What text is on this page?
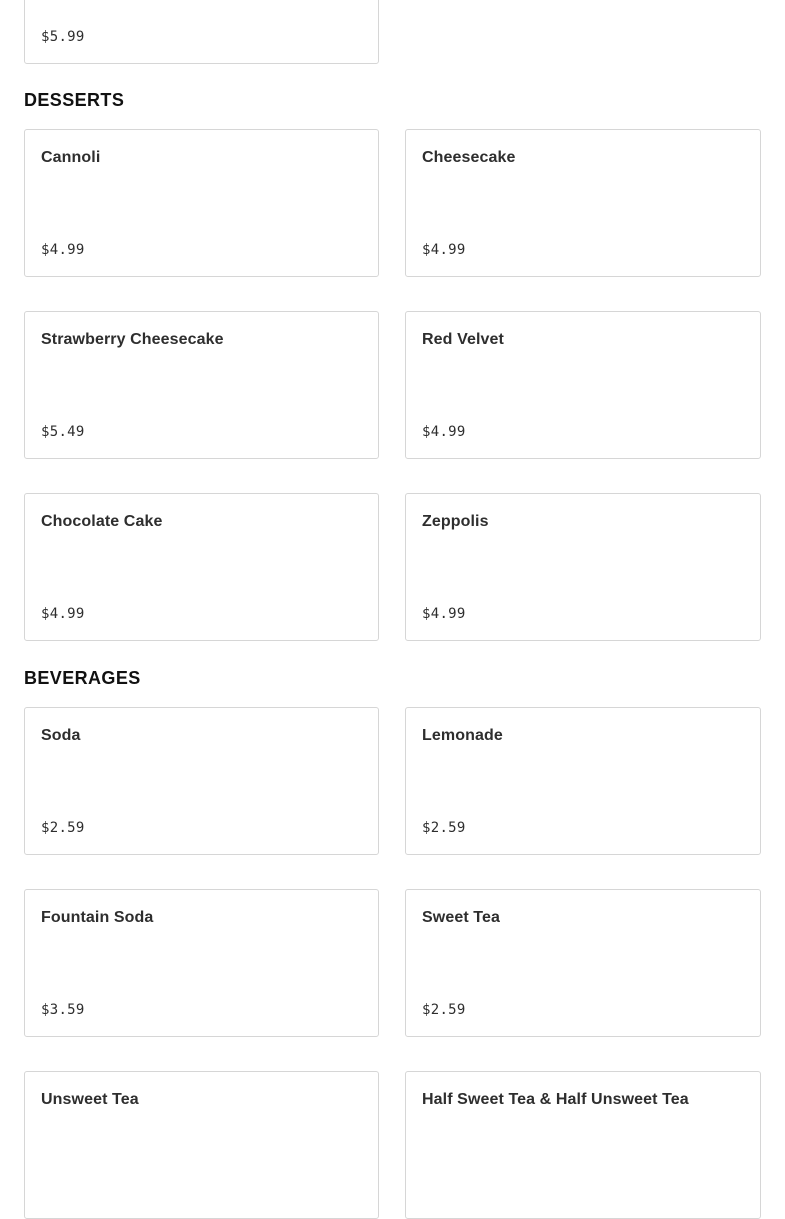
$5.99
DESSERTS
Cannoli
$4.99
Cheesecake
$4.99
Strawberry Cheesecake
$5.49
Red Velvet
$4.99
Chocolate Cake
$4.99
Zeppolis
$4.99
BEVERAGES
Soda
$2.59
Lemonade
$2.59
Fountain Soda
$3.59
Sweet Tea
$2.59
Unsweet Tea	Half Sweet Tea & Half Unsweet Tea
